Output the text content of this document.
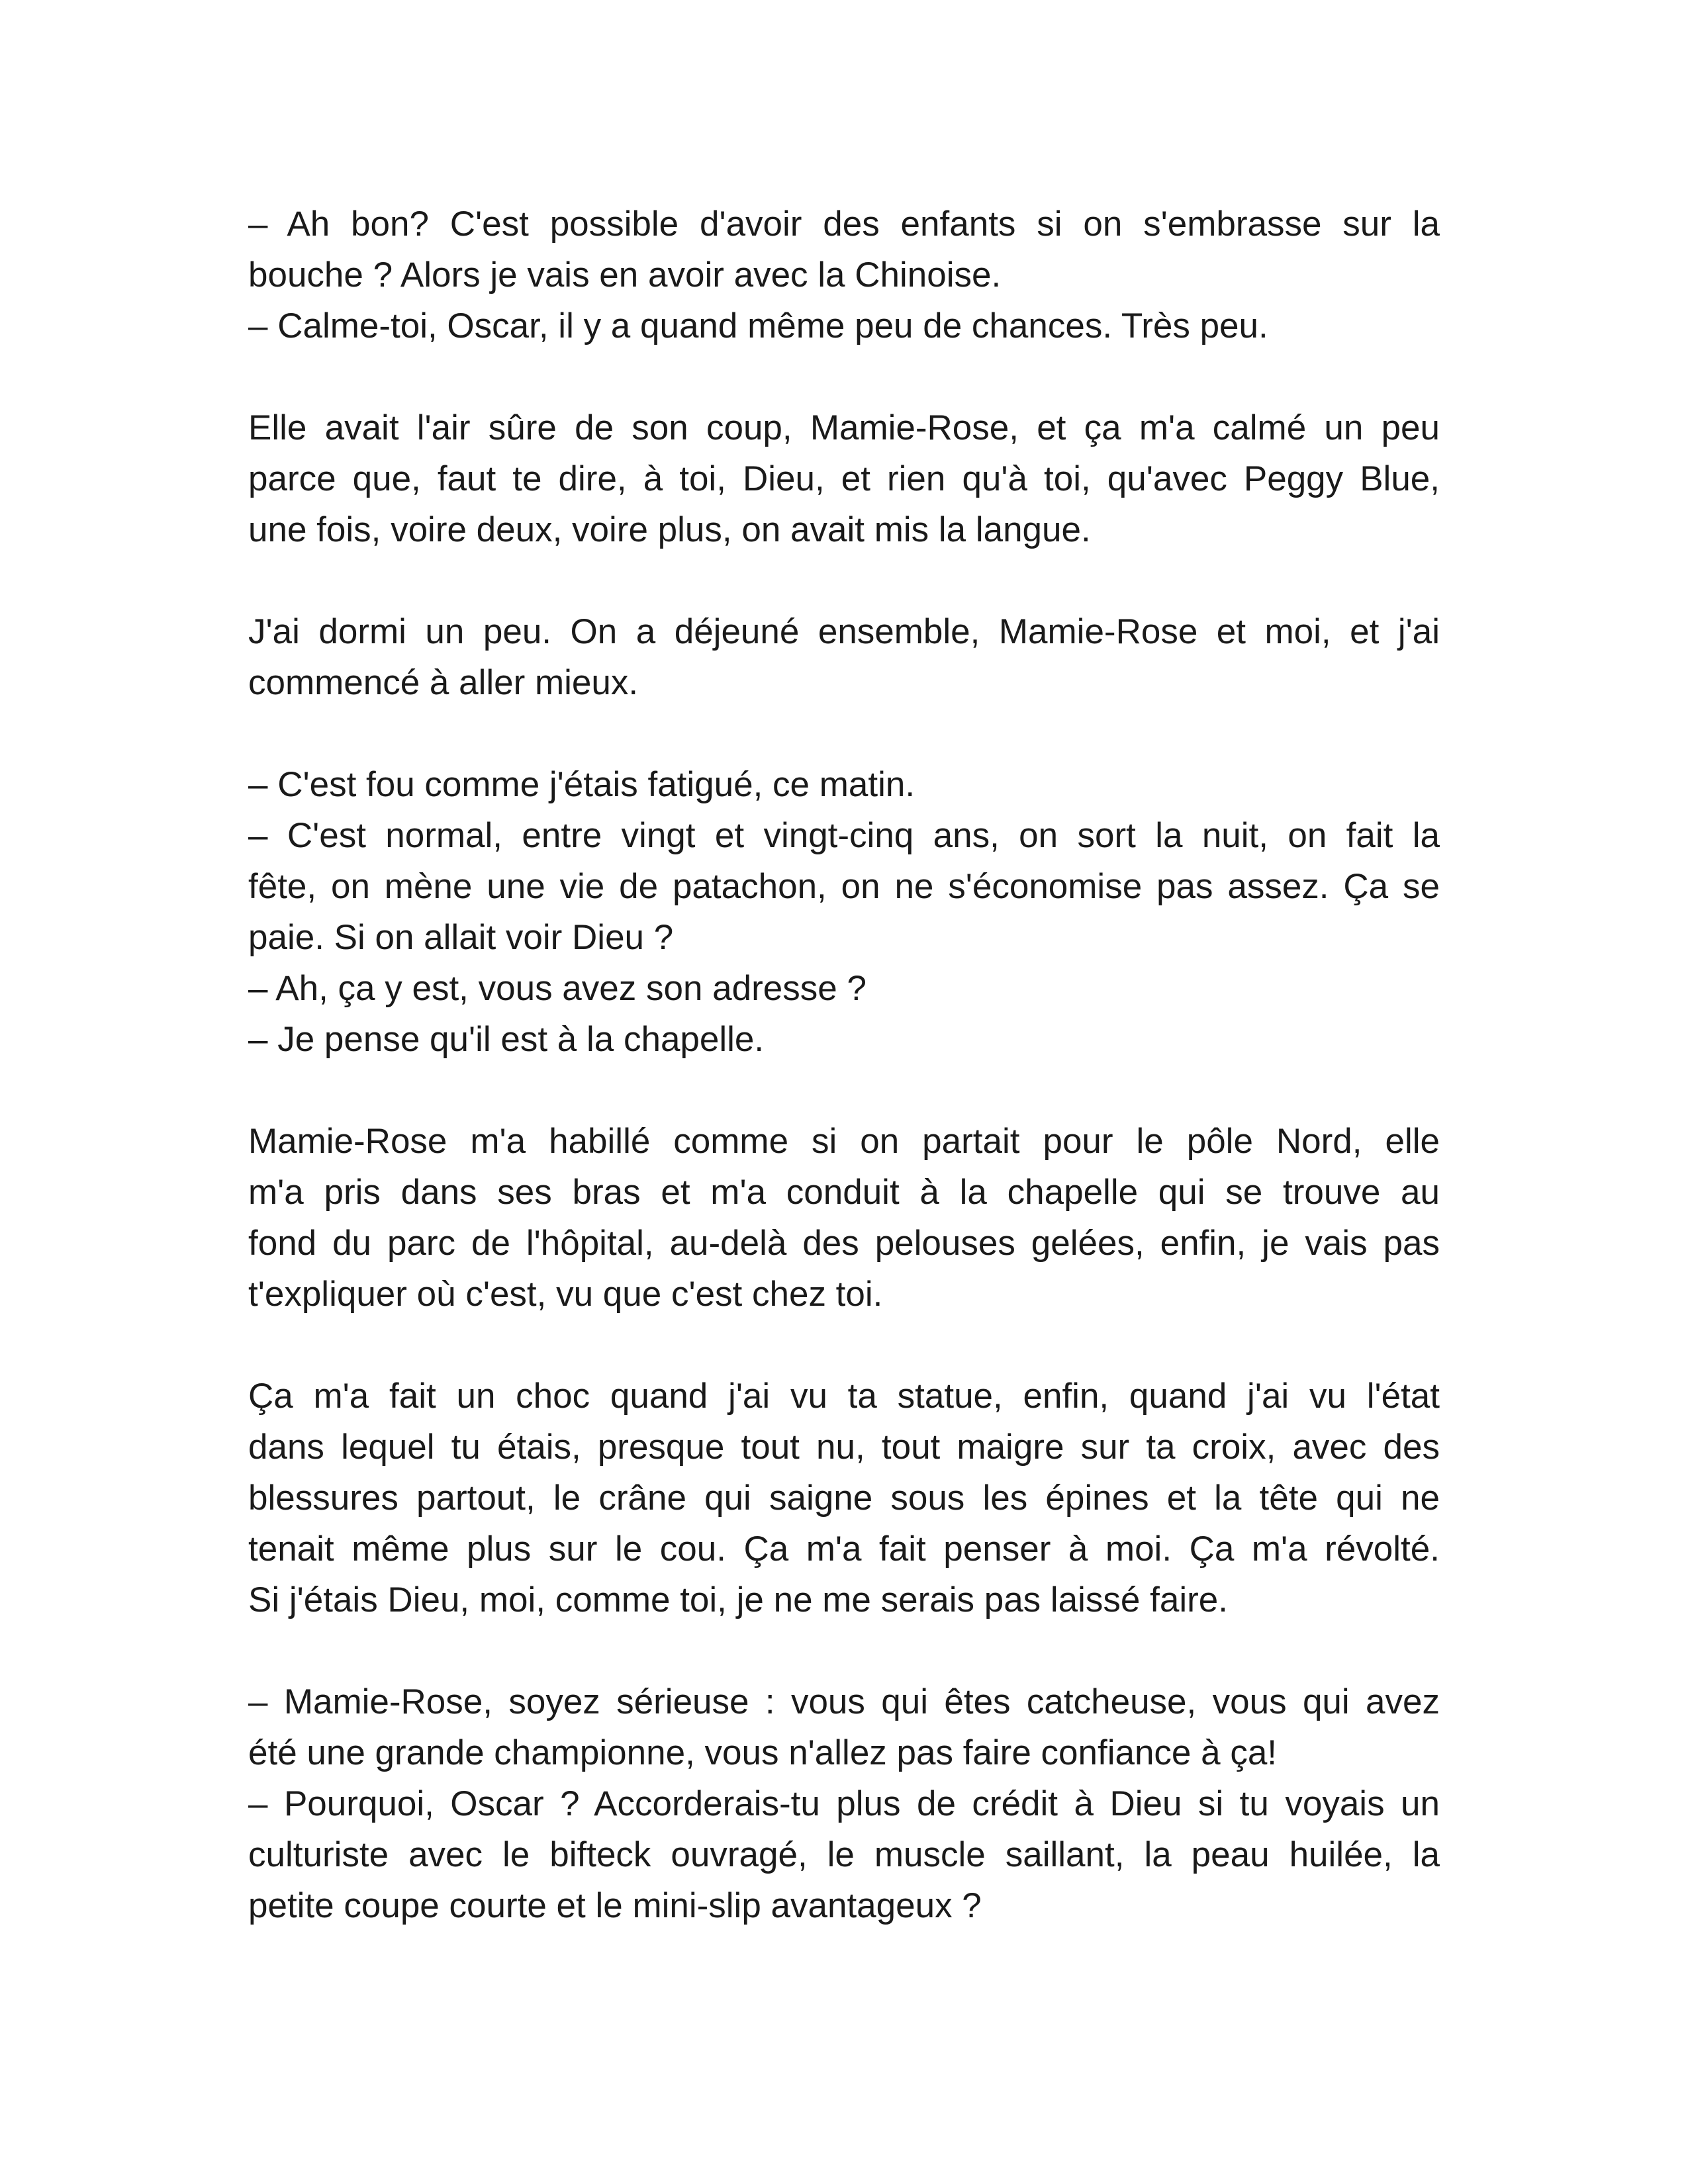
– Ah bon? C'est possible d'avoir des enfants si on s'embrasse sur la
bouche ? Alors je vais en avoir avec la Chinoise.
– Calme-toi, Oscar, il y a quand même peu de chances. Très peu.
Elle avait l'air sûre de son coup, Mamie-Rose, et ça m'a calmé un peu
parce que, faut te dire, à toi, Dieu, et rien qu'à toi, qu'avec Peggy Blue,
une fois, voire deux, voire plus, on avait mis la langue.
J'ai dormi un peu. On a déjeuné ensemble, Mamie-Rose et moi, et j'ai
commencé à aller mieux.
– C'est fou comme j'étais fatigué, ce matin.
– C'est normal, entre vingt et vingt-cinq ans, on sort la nuit, on fait la
fête, on mène une vie de patachon, on ne s'économise pas assez. Ça se
paie. Si on allait voir Dieu ?
– Ah, ça y est, vous avez son adresse ?
– Je pense qu'il est à la chapelle.
Mamie-Rose m'a habillé comme si on partait pour le pôle Nord, elle
m'a pris dans ses bras et m'a conduit à la chapelle qui se trouve au
fond du parc de l'hôpital, au-delà des pelouses gelées, enfin, je vais pas
t'expliquer où c'est, vu que c'est chez toi.
Ça m'a fait un choc quand j'ai vu ta statue, enfin, quand j'ai vu l'état
dans lequel tu étais, presque tout nu, tout maigre sur ta croix, avec des
blessures partout, le crâne qui saigne sous les épines et la tête qui ne
tenait même plus sur le cou. Ça m'a fait penser à moi. Ça m'a révolté.
Si j'étais Dieu, moi, comme toi, je ne me serais pas laissé faire.
– Mamie-Rose, soyez sérieuse : vous qui êtes catcheuse, vous qui avez
été une grande championne, vous n'allez pas faire confiance à ça!
– Pourquoi, Oscar ? Accorderais-tu plus de crédit à Dieu si tu voyais un
culturiste avec le bifteck ouvragé, le muscle saillant, la peau huilée, la
petite coupe courte et le mini-slip avantageux ?
